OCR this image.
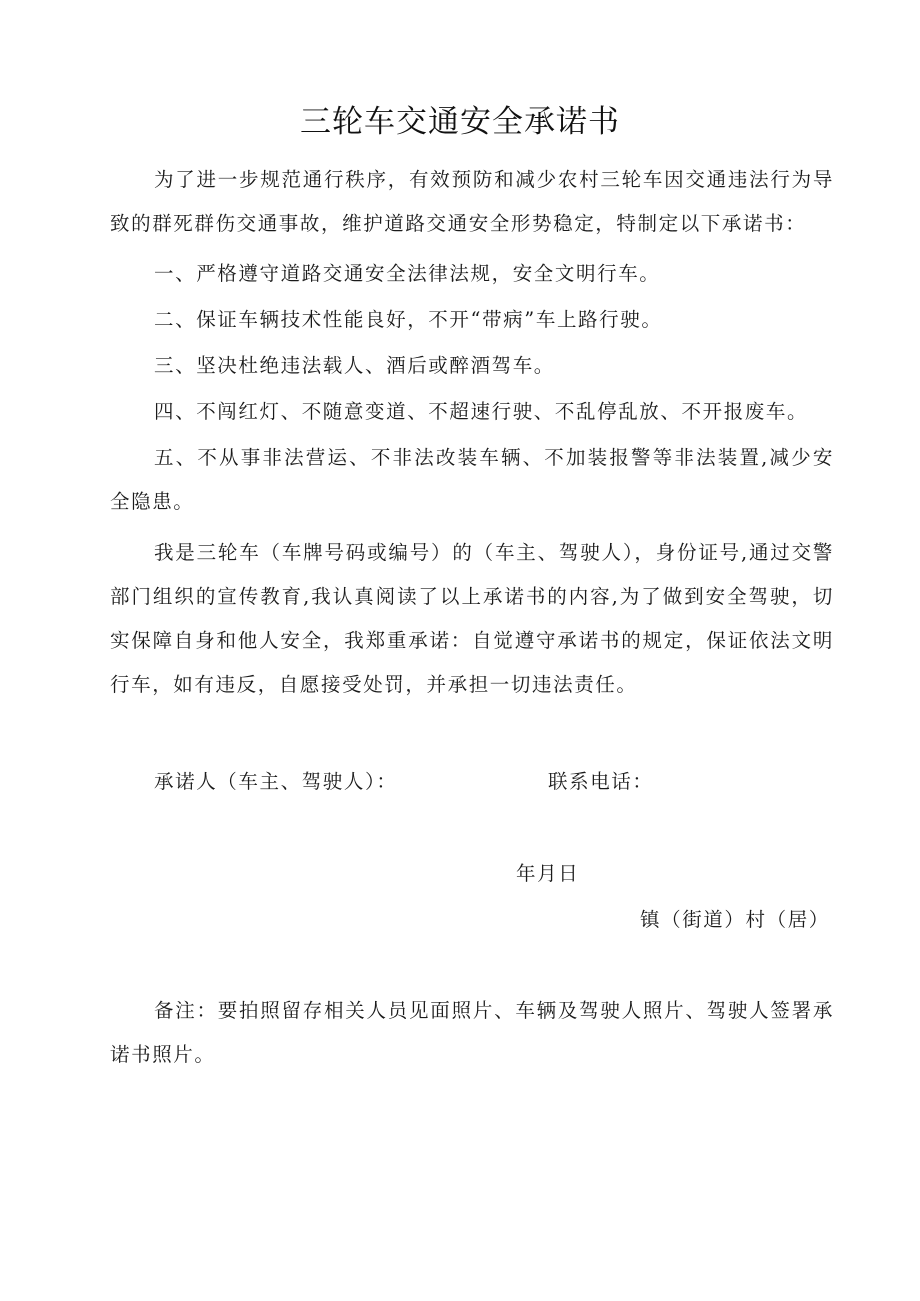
三轮车交通安全承诺书

为了进一步规范通行秩序，有效预防和减少农村三轮车因交通违法行为导致的群死群伤交通事故，维护道路交通安全形势稳定，特制定以下承诺书：

一、严格遵守道路交通安全法律法规，安全文明行车。

二、保证车辆技术性能良好，不开“带病”车上路行驶。

三、坚决杜绝违法载人、酒后或醉酒驾车。

四、不闯红灯、不随意变道、不超速行驶、不乱停乱放、不开报废车。

五、不从事非法营运、不非法改装车辆、不加装报警等非法装置,减少安全隐患。

我是三轮车（车牌号码或编号）的（车主、驾驶人），身份证号,通过交警部门组织的宣传教育,我认真阅读了以上承诺书的内容,为了做到安全驾驶，切实保障自身和他人安全，我郑重承诺：自觉遵守承诺书的规定，保证依法文明行车，如有违反，自愿接受处罚，并承担一切违法责任。

承诺人（车主、驾驶人）：	联系电话：

年月日

镇（街道）村（居）

备注：要拍照留存相关人员见面照片、车辆及驾驶人照片、驾驶人签署承诺书照片。
